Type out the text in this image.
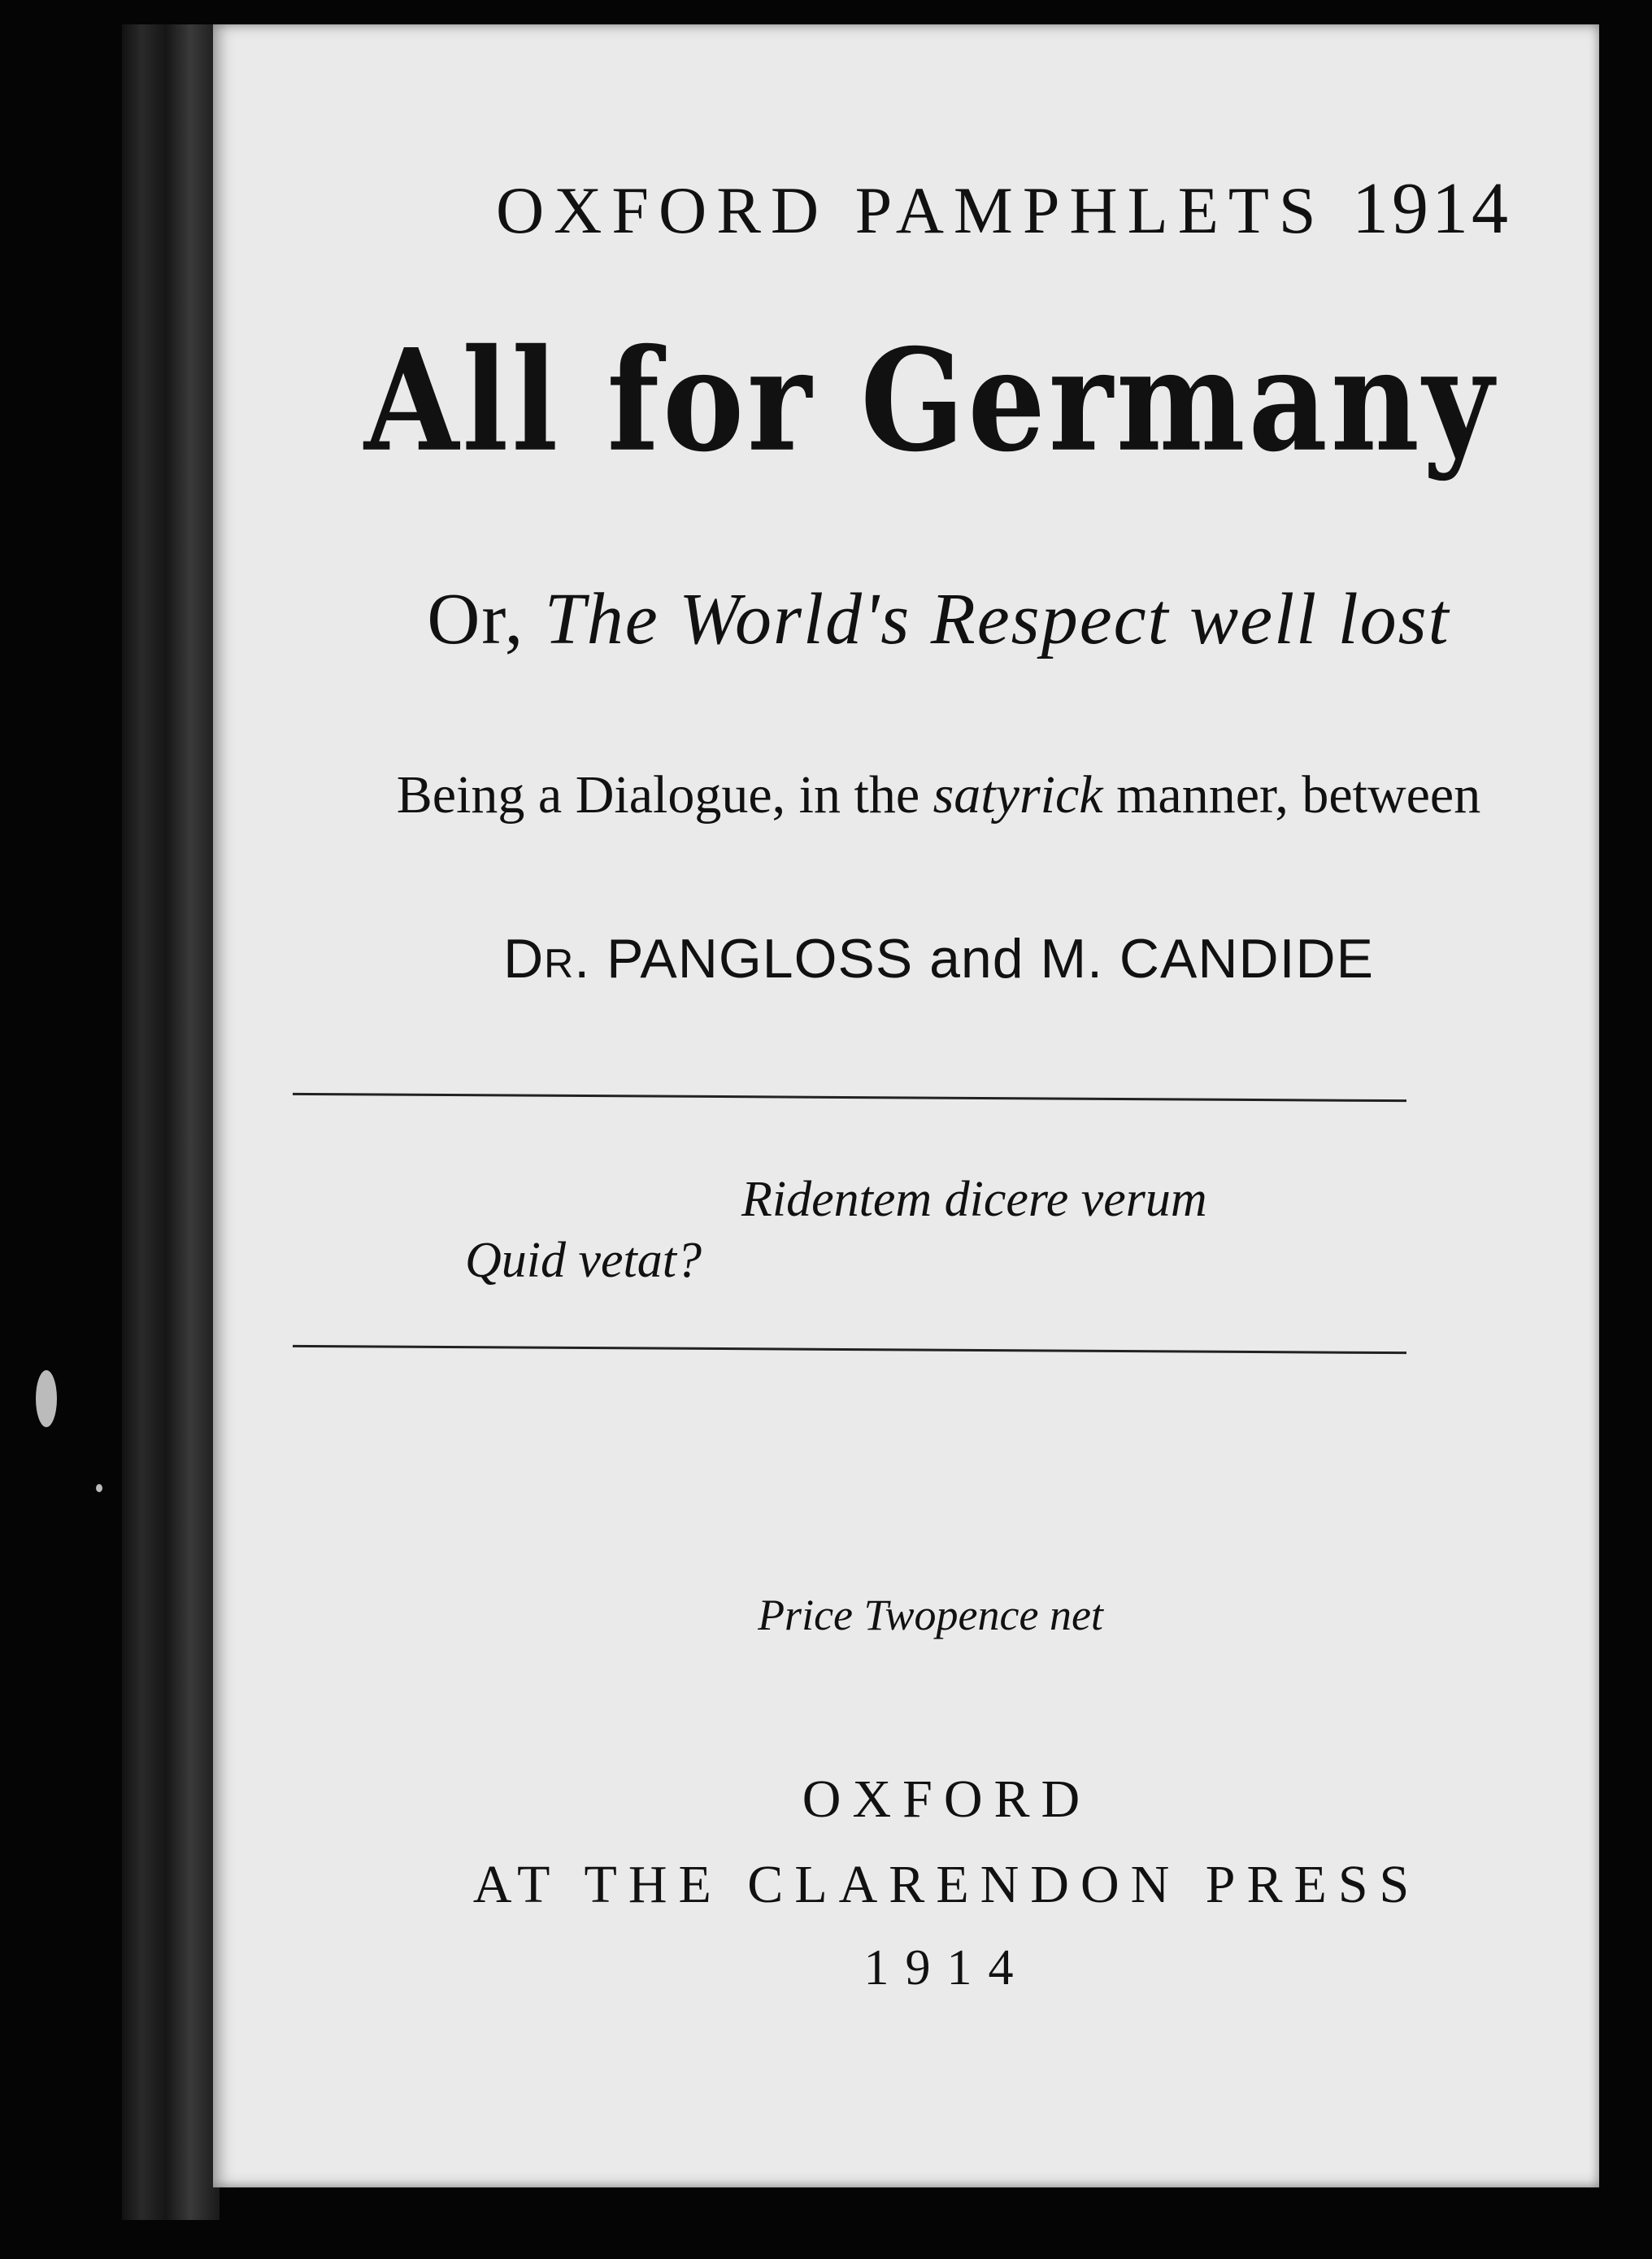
OXFORD PAMPHLETS 1914
All for Germany
Or, The World's Respect well lost
Being a Dialogue, in the satyrick manner, between
DR. PANGLOSS and M. CANDIDE
Ridentem dicere verum
Quid vetat?
Price Twopence net
OXFORD
AT THE CLARENDON PRESS
1914
